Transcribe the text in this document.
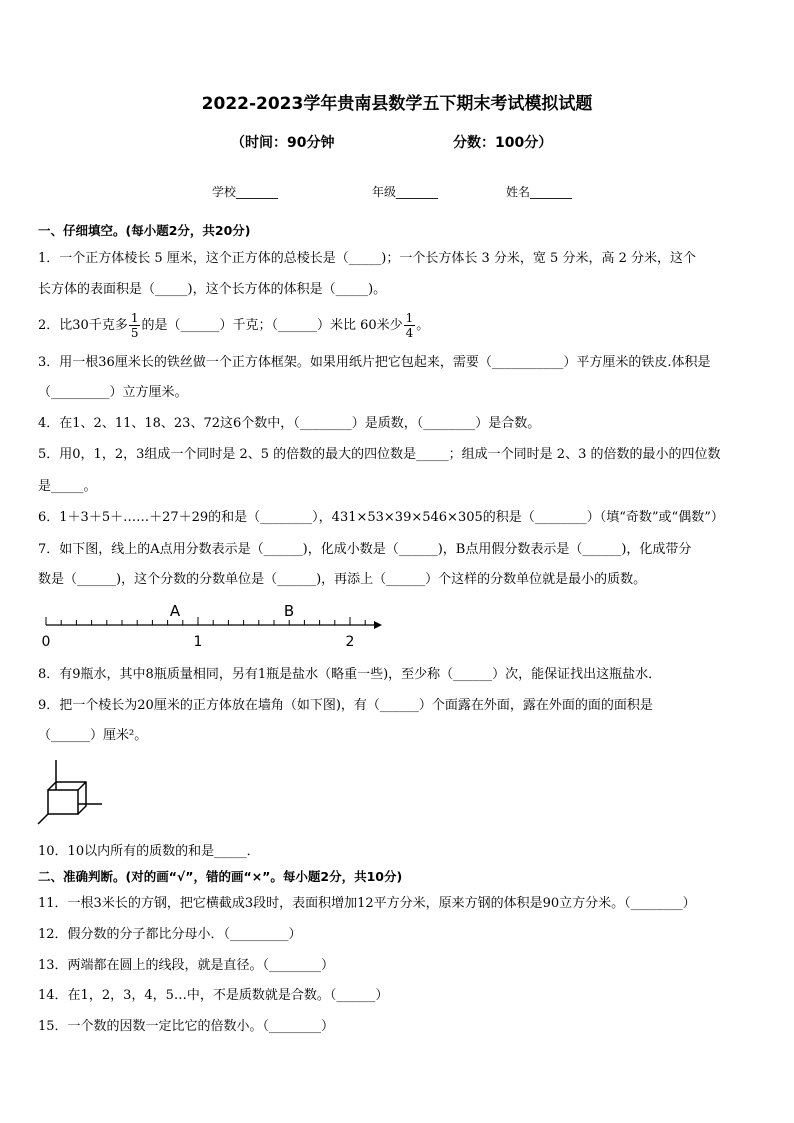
2022-2023学年贵南县数学五下期末考试模拟试题
（时间：90分钟	分数：100分）
学校_______	年级_______	姓名_______
一、仔细填空。(每小题2分，共20分)
1．一个正方体棱长 5 厘米，这个正方体的总棱长是（_____)；一个长方体长 3 分米，宽 5 分米，高 2 分米，这个
长方体的表面积是（_____)，这个长方体的体积是（_____)。
2．比30千克多 $\frac{1}{5}$ 的是（______）千克；（______）米比 60米少 $\frac{1}{4}$ 。
3．用一根36厘米长的铁丝做一个正方体框架。如果用纸片把它包起来，需要（___________）平方厘米的铁皮.体积是
（_________）立方厘米。
4．在1、2、11、18、23、72这6个数中，（________）是质数，（________）是合数。
5．用0，1，2，3组成一个同时是 2、5 的倍数的最大的四位数是_____；组成一个同时是 2、3 的倍数的最小的四位数
是_____。
6．1＋3＋5＋……＋27＋29的和是（________），431×53×39×546×305的积是（________）（填“奇数”或“偶数”）
7．如下图，线上的A点用分数表示是（______)，化成小数是（______)，B点用假分数表示是（______)，化成带分
数是（______)，这个分数的分数单位是（______)，再添上（______）个这样的分数单位就是最小的质数。
A	B
0	1	2
8．有9瓶水，其中8瓶质量相同，另有1瓶是盐水（略重一些)，至少称（______）次，能保证找出这瓶盐水．
9．把一个棱长为20厘米的正方体放在墙角（如下图)，有（______）个面露在外面，露在外面的面的面积是
（______）厘米²。
10．10以内所有的质数的和是_____．
二、准确判断。(对的画“√”，错的画“×”。每小题2分，共10分)
11．一根3米长的方钢，把它横截成3段时，表面积增加12平方分米，原来方钢的体积是90立方分米。（________）
12．假分数的分子都比分母小．（_________）
13．两端都在圆上的线段，就是直径。（________）
14．在1，2，3，4，5…中，不是质数就是合数。（______）
15．一个数的因数一定比它的倍数小。（________）
